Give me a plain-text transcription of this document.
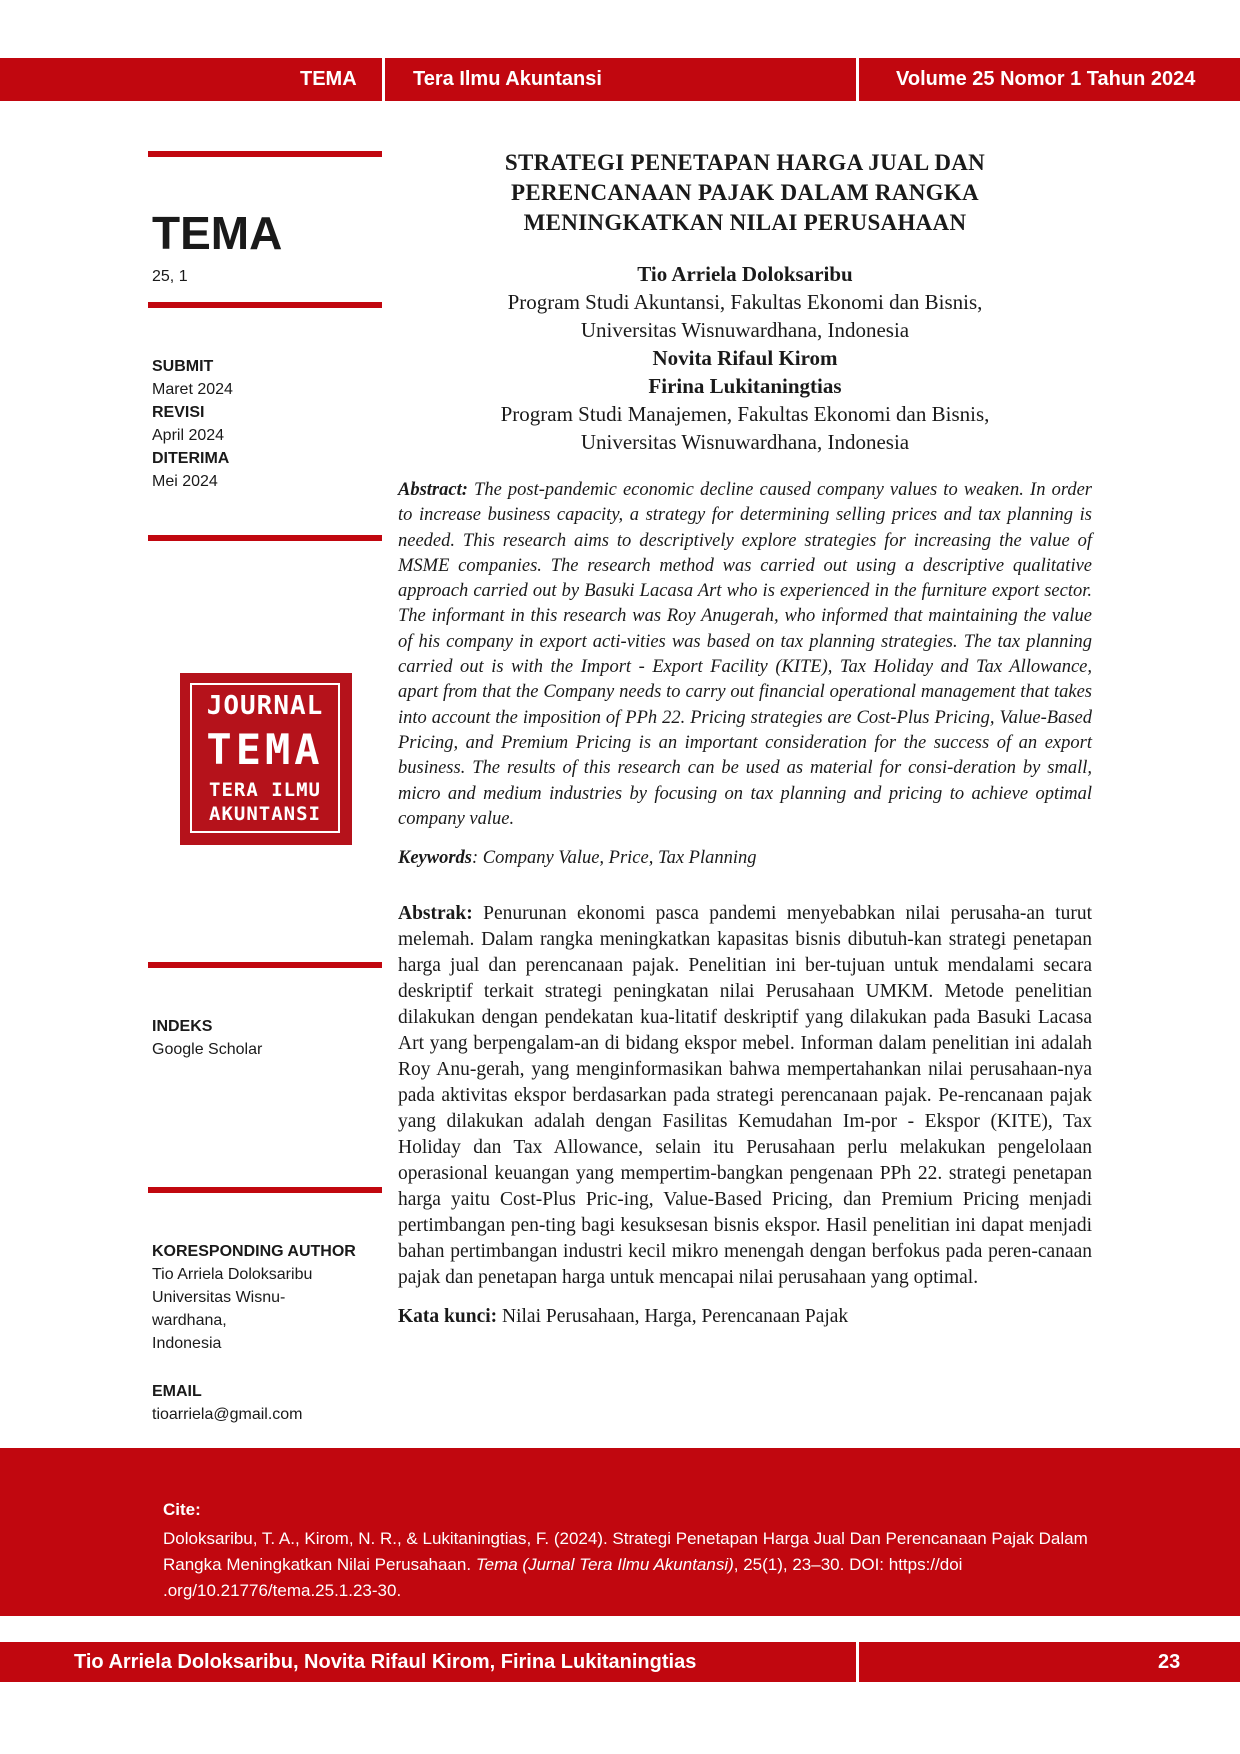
TEMA	Tera Ilmu Akuntansi	Volume 25 Nomor 1 Tahun 2024
TEMA
25, 1
SUBMIT
Maret 2024
REVISI
April 2024
DITERIMA
Mei 2024
JOURNAL
TEMA
TERA ILMU
AKUNTANSI
INDEKS
Google Scholar
KORESPONDING AUTHOR
Tio Arriela Doloksaribu
Universitas Wisnu-
wardhana,
Indonesia
EMAIL
tioarriela@gmail.com
STRATEGI PENETAPAN HARGA JUAL DAN
PERENCANAAN PAJAK DALAM RANGKA
MENINGKATKAN NILAI PERUSAHAAN
Tio Arriela Doloksaribu
Program Studi Akuntansi, Fakultas Ekonomi dan Bisnis,
Universitas Wisnuwardhana, Indonesia
Novita Rifaul Kirom
Firina Lukitaningtias
Program Studi Manajemen, Fakultas Ekonomi dan Bisnis,
Universitas Wisnuwardhana, Indonesia

Abstract: The post-pandemic economic decline caused company values to weaken. In order to increase business capacity, a strategy for determining selling prices and tax planning is needed. This research aims to descriptively explore strategies for increasing the value of MSME companies. The research method was carried out using a descriptive qualitative approach carried out by Basuki Lacasa Art who is experienced in the furniture export sector. The informant in this research was Roy Anugerah, who informed that maintaining the value of his company in export acti-vities was based on tax planning strategies. The tax planning carried out is with the Import - Export Facility (KITE), Tax Holiday and Tax Allowance, apart from that the Company needs to carry out financial operational management that takes into account the imposition of PPh 22. Pricing strategies are Cost-Plus Pricing, Value-Based Pricing, and Premium Pricing is an important consideration for the success of an export business. The results of this research can be used as material for consi-deration by small, micro and medium industries by focusing on tax planning and pricing to achieve optimal company value.

Keywords: Company Value, Price, Tax Planning

Abstrak: Penurunan ekonomi pasca pandemi menyebabkan nilai perusaha-an turut melemah. Dalam rangka meningkatkan kapasitas bisnis dibutuh-kan strategi penetapan harga jual dan perencanaan pajak. Penelitian ini ber-tujuan untuk mendalami secara deskriptif terkait strategi peningkatan nilai Perusahaan UMKM. Metode penelitian dilakukan dengan pendekatan kua-litatif deskriptif yang dilakukan pada Basuki Lacasa Art yang berpengalam-an di bidang ekspor mebel. Informan dalam penelitian ini adalah Roy Anu-gerah, yang menginformasikan bahwa mempertahankan nilai perusahaan-nya pada aktivitas ekspor berdasarkan pada strategi perencanaan pajak. Pe-rencanaan pajak yang dilakukan adalah dengan Fasilitas Kemudahan Im-por - Ekspor (KITE), Tax Holiday dan Tax Allowance, selain itu Perusahaan perlu melakukan pengelolaan operasional keuangan yang mempertim-bangkan pengenaan PPh 22. strategi penetapan harga yaitu Cost-Plus Pric-ing, Value-Based Pricing, dan Premium Pricing menjadi pertimbangan pen-ting bagi kesuksesan bisnis ekspor. Hasil penelitian ini dapat menjadi bahan pertimbangan industri kecil mikro menengah dengan berfokus pada peren-canaan pajak dan penetapan harga untuk mencapai nilai perusahaan yang optimal.

Kata kunci: Nilai Perusahaan, Harga, Perencanaan Pajak

Cite:
Doloksaribu, T. A., Kirom, N. R., & Lukitaningtias, F. (2024). Strategi Penetapan Harga Jual Dan Perencanaan Pajak Dalam Rangka Meningkatkan Nilai Perusahaan. Tema (Jurnal Tera Ilmu Akuntansi), 25(1), 23–30. DOI: https://doi .org/10.21776/tema.25.1.23-30.
Tio Arriela Doloksaribu, Novita Rifaul Kirom, Firina Lukitaningtias	23
